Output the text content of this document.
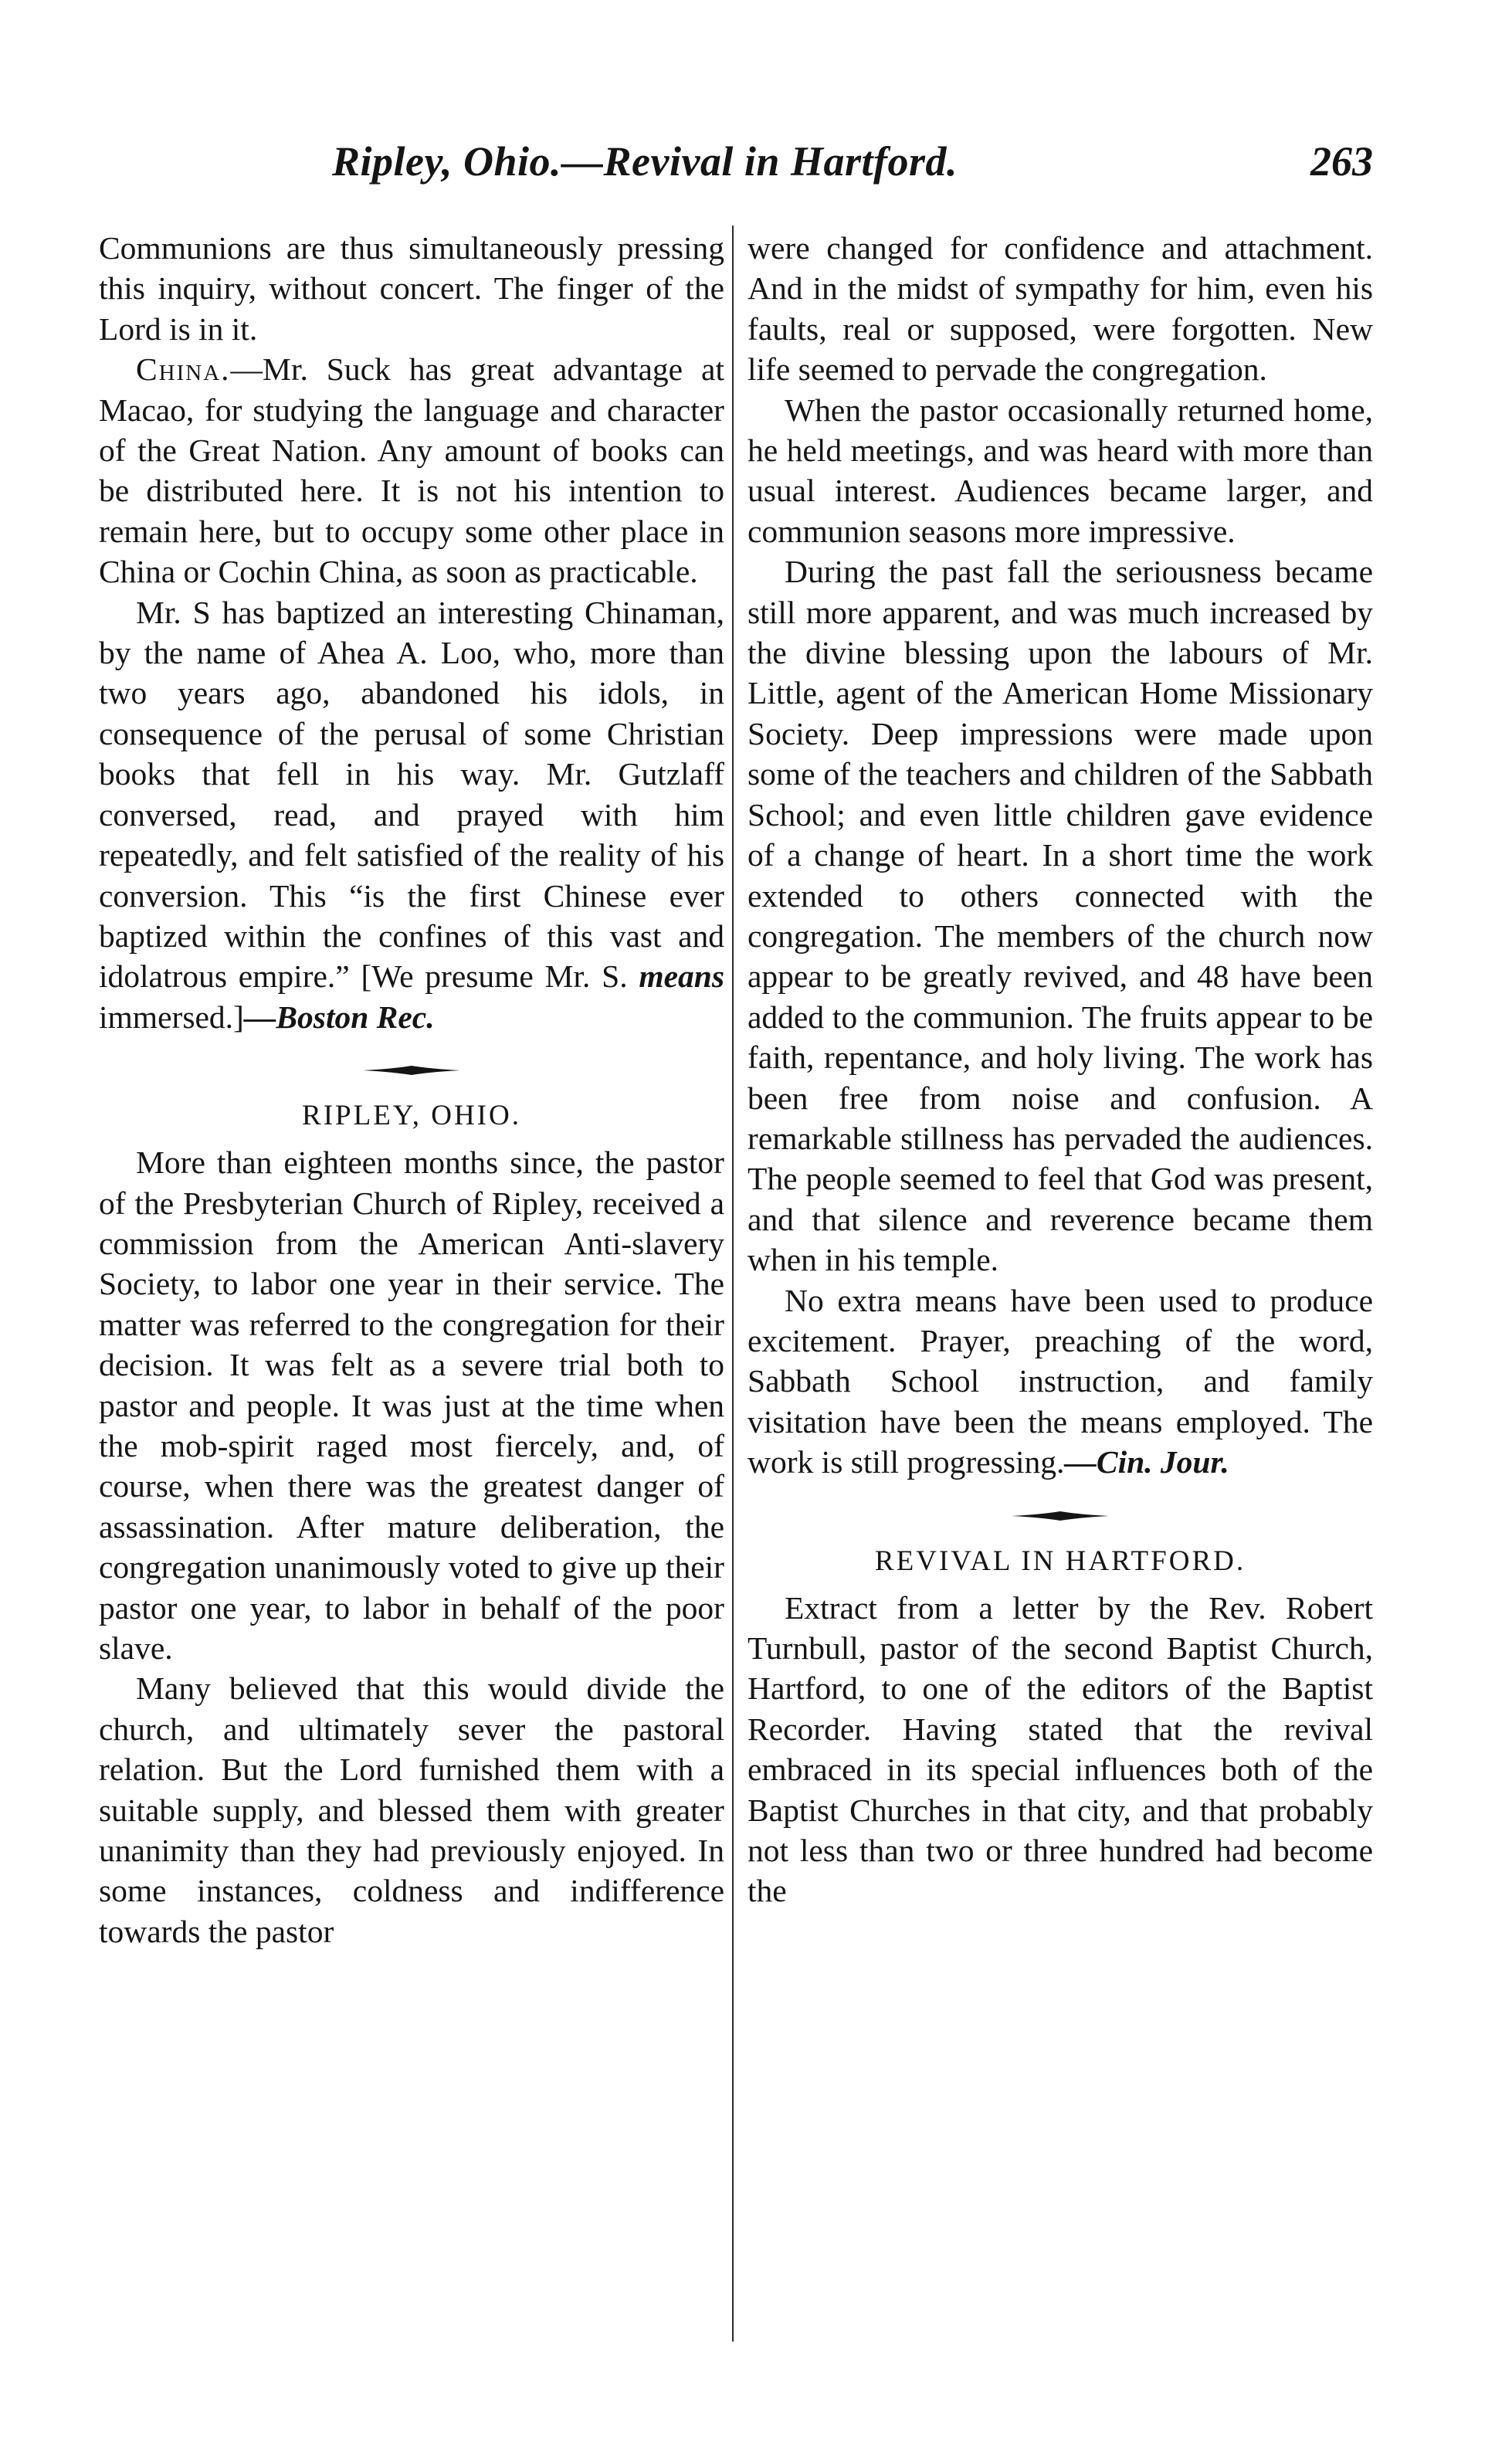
Ripley, Ohio.—Revival in Hartford.	263

Communions are thus simultaneously pressing this inquiry, without concert. The finger of the Lord is in it.

China.—Mr. Suck has great advantage at Macao, for studying the language and character of the Great Nation. Any amount of books can be distributed here. It is not his intention to remain here, but to occupy some other place in China or Cochin China, as soon as practicable.

Mr. S has baptized an interesting Chinaman, by the name of Ahea A. Loo, who, more than two years ago, abandoned his idols, in consequence of the perusal of some Christian books that fell in his way. Mr. Gutzlaff conversed, read, and prayed with him repeatedly, and felt satisfied of the reality of his conversion. This “is the first Chinese ever baptized within the confines of this vast and idolatrous empire.” [We presume Mr. S. means immersed.]—Boston Rec.

RIPLEY, OHIO.

More than eighteen months since, the pastor of the Presbyterian Church of Ripley, received a commission from the American Anti-slavery Society, to labor one year in their service. The matter was referred to the congregation for their decision. It was felt as a severe trial both to pastor and people. It was just at the time when the mob-spirit raged most fiercely, and, of course, when there was the greatest danger of assassination. After mature deliberation, the congregation unanimously voted to give up their pastor one year, to labor in behalf of the poor slave.

Many believed that this would divide the church, and ultimately sever the pastoral relation. But the Lord furnished them with a suitable supply, and blessed them with greater unanimity than they had previously enjoyed. In some instances, coldness and indifference towards the pastor

were changed for confidence and attachment. And in the midst of sympathy for him, even his faults, real or supposed, were forgotten. New life seemed to pervade the congregation.

When the pastor occasionally returned home, he held meetings, and was heard with more than usual interest. Audiences became larger, and communion seasons more impressive.

During the past fall the seriousness became still more apparent, and was much increased by the divine blessing upon the labours of Mr. Little, agent of the American Home Missionary Society. Deep impressions were made upon some of the teachers and children of the Sabbath School; and even little children gave evidence of a change of heart. In a short time the work extended to others connected with the congregation. The members of the church now appear to be greatly revived, and 48 have been added to the communion. The fruits appear to be faith, repentance, and holy living. The work has been free from noise and confusion. A remarkable stillness has pervaded the audiences. The people seemed to feel that God was present, and that silence and reverence became them when in his temple.

No extra means have been used to produce excitement. Prayer, preaching of the word, Sabbath School instruction, and family visitation have been the means employed. The work is still progressing.—Cin. Jour.

REVIVAL IN HARTFORD.

Extract from a letter by the Rev. Robert Turnbull, pastor of the second Baptist Church, Hartford, to one of the editors of the Baptist Recorder. Having stated that the revival embraced in its special influences both of the Baptist Churches in that city, and that probably not less than two or three hundred had become the
